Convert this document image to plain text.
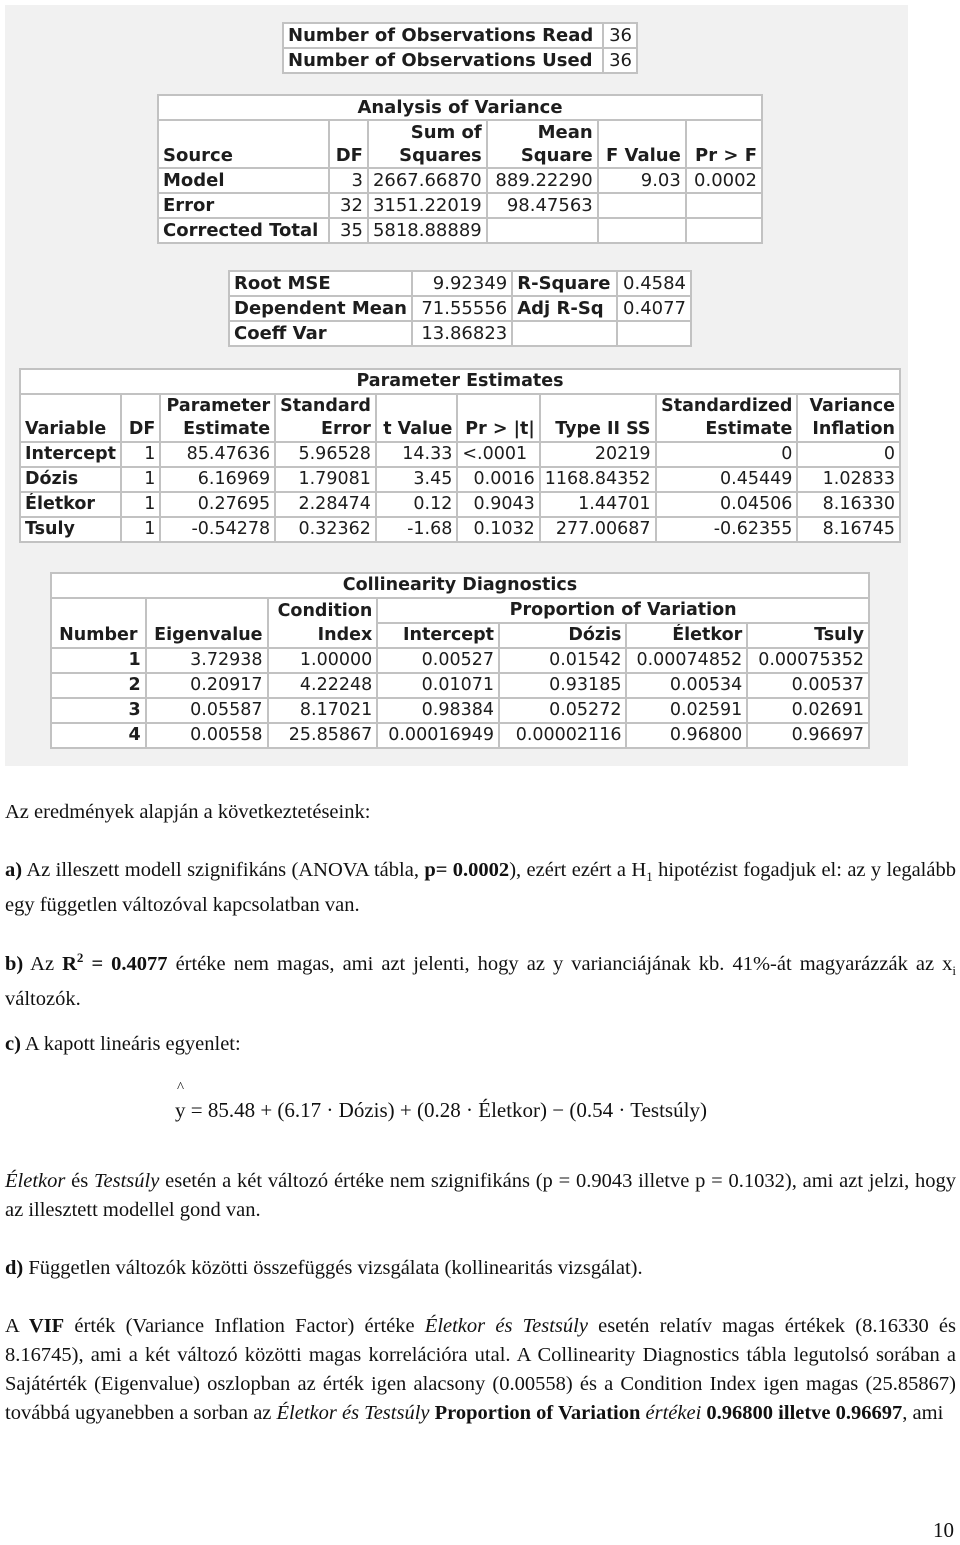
Number of Observations Read	36
Number of Observations Used	36
Analysis of Variance					
		Sum of	Mean		
Source	DF	Squares	Square	F Value	Pr > F
Model	3	2667.66870	889.22290	9.03	0.0002
Error	32	3151.22019	98.47563		
Corrected Total	35	5818.88889			
Root MSE	9.92349	R-Square	0.4584
Dependent Mean	71.55556	Adj R-Sq	0.4077
Coeff Var	13.86823		
Parameter Estimates								
		Parameter	Standard				Standardized	Variance
Variable	DF	Estimate	Error	t Value	Pr > |t|	Type II SS	Estimate	Inflation
Intercept	1	85.47636	5.96528	14.33	<.0001	20219	0	0
Dózis	1	6.16969	1.79081	3.45	0.0016	1168.84352	0.45449	1.02833
Életkor	1	0.27695	2.28474	0.12	0.9043	1.44701	0.04506	8.16330
Tsuly	1	-0.54278	0.32362	-1.68	0.1032	277.00687	-0.62355	8.16745
Collinearity Diagnostics						
		Condition	Proportion of Variation			
Number	Eigenvalue	Index	Intercept	Dózis	Életkor	Tsuly
1	3.72938	1.00000	0.00527	0.01542	0.00074852	0.00075352
2	0.20917	4.22248	0.01071	0.93185	0.00534	0.00537
3	0.05587	8.17021	0.98384	0.05272	0.02591	0.02691
4	0.00558	25.85867	0.00016949	0.00002116	0.96800	0.96697

Az eredmények alapján a következtetéseink:

a) Az illeszett modell szignifikáns (ANOVA tábla, p= 0.0002), ezért ezért a $H_1$ hipotézist fogadjuk el: az y legalább egy független változóval kapcsolatban van.

b) Az $R^2 = 0.4077$ értéke nem magas, ami azt jelenti, hogy az y varianciájának kb. 41%-át magyarázzák az $x_i$ változók.

c) A kapott lineáris egyenlet:

^
y = 85.48 + (6.17 · Dózis) + (0.28 · Életkor) − (0.54 · Testsúly)

Életkor és Testsúly esetén a két változó értéke nem szignifikáns (p = 0.9043 illetve p = 0.1032), ami azt jelzi, hogy az illesztett modellel gond van.

d) Független változók közötti összefüggés vizsgálata (kollinearitás vizsgálat).

A VIF érték (Variance Inflation Factor) értéke Életkor és Testsúly esetén relatív magas értékek (8.16330 és 8.16745), ami a két változó közötti magas korrelációra utal. A Collinearity Diagnostics tábla legutolsó sorában a Sajátérték (Eigenvalue) oszlopban az érték igen alacsony (0.00558) és a Condition Index igen magas (25.85867) továbbá ugyanebben a sorban az Életkor és Testsúly Proportion of Variation értékei 0.96800 illetve 0.96697, ami

10
